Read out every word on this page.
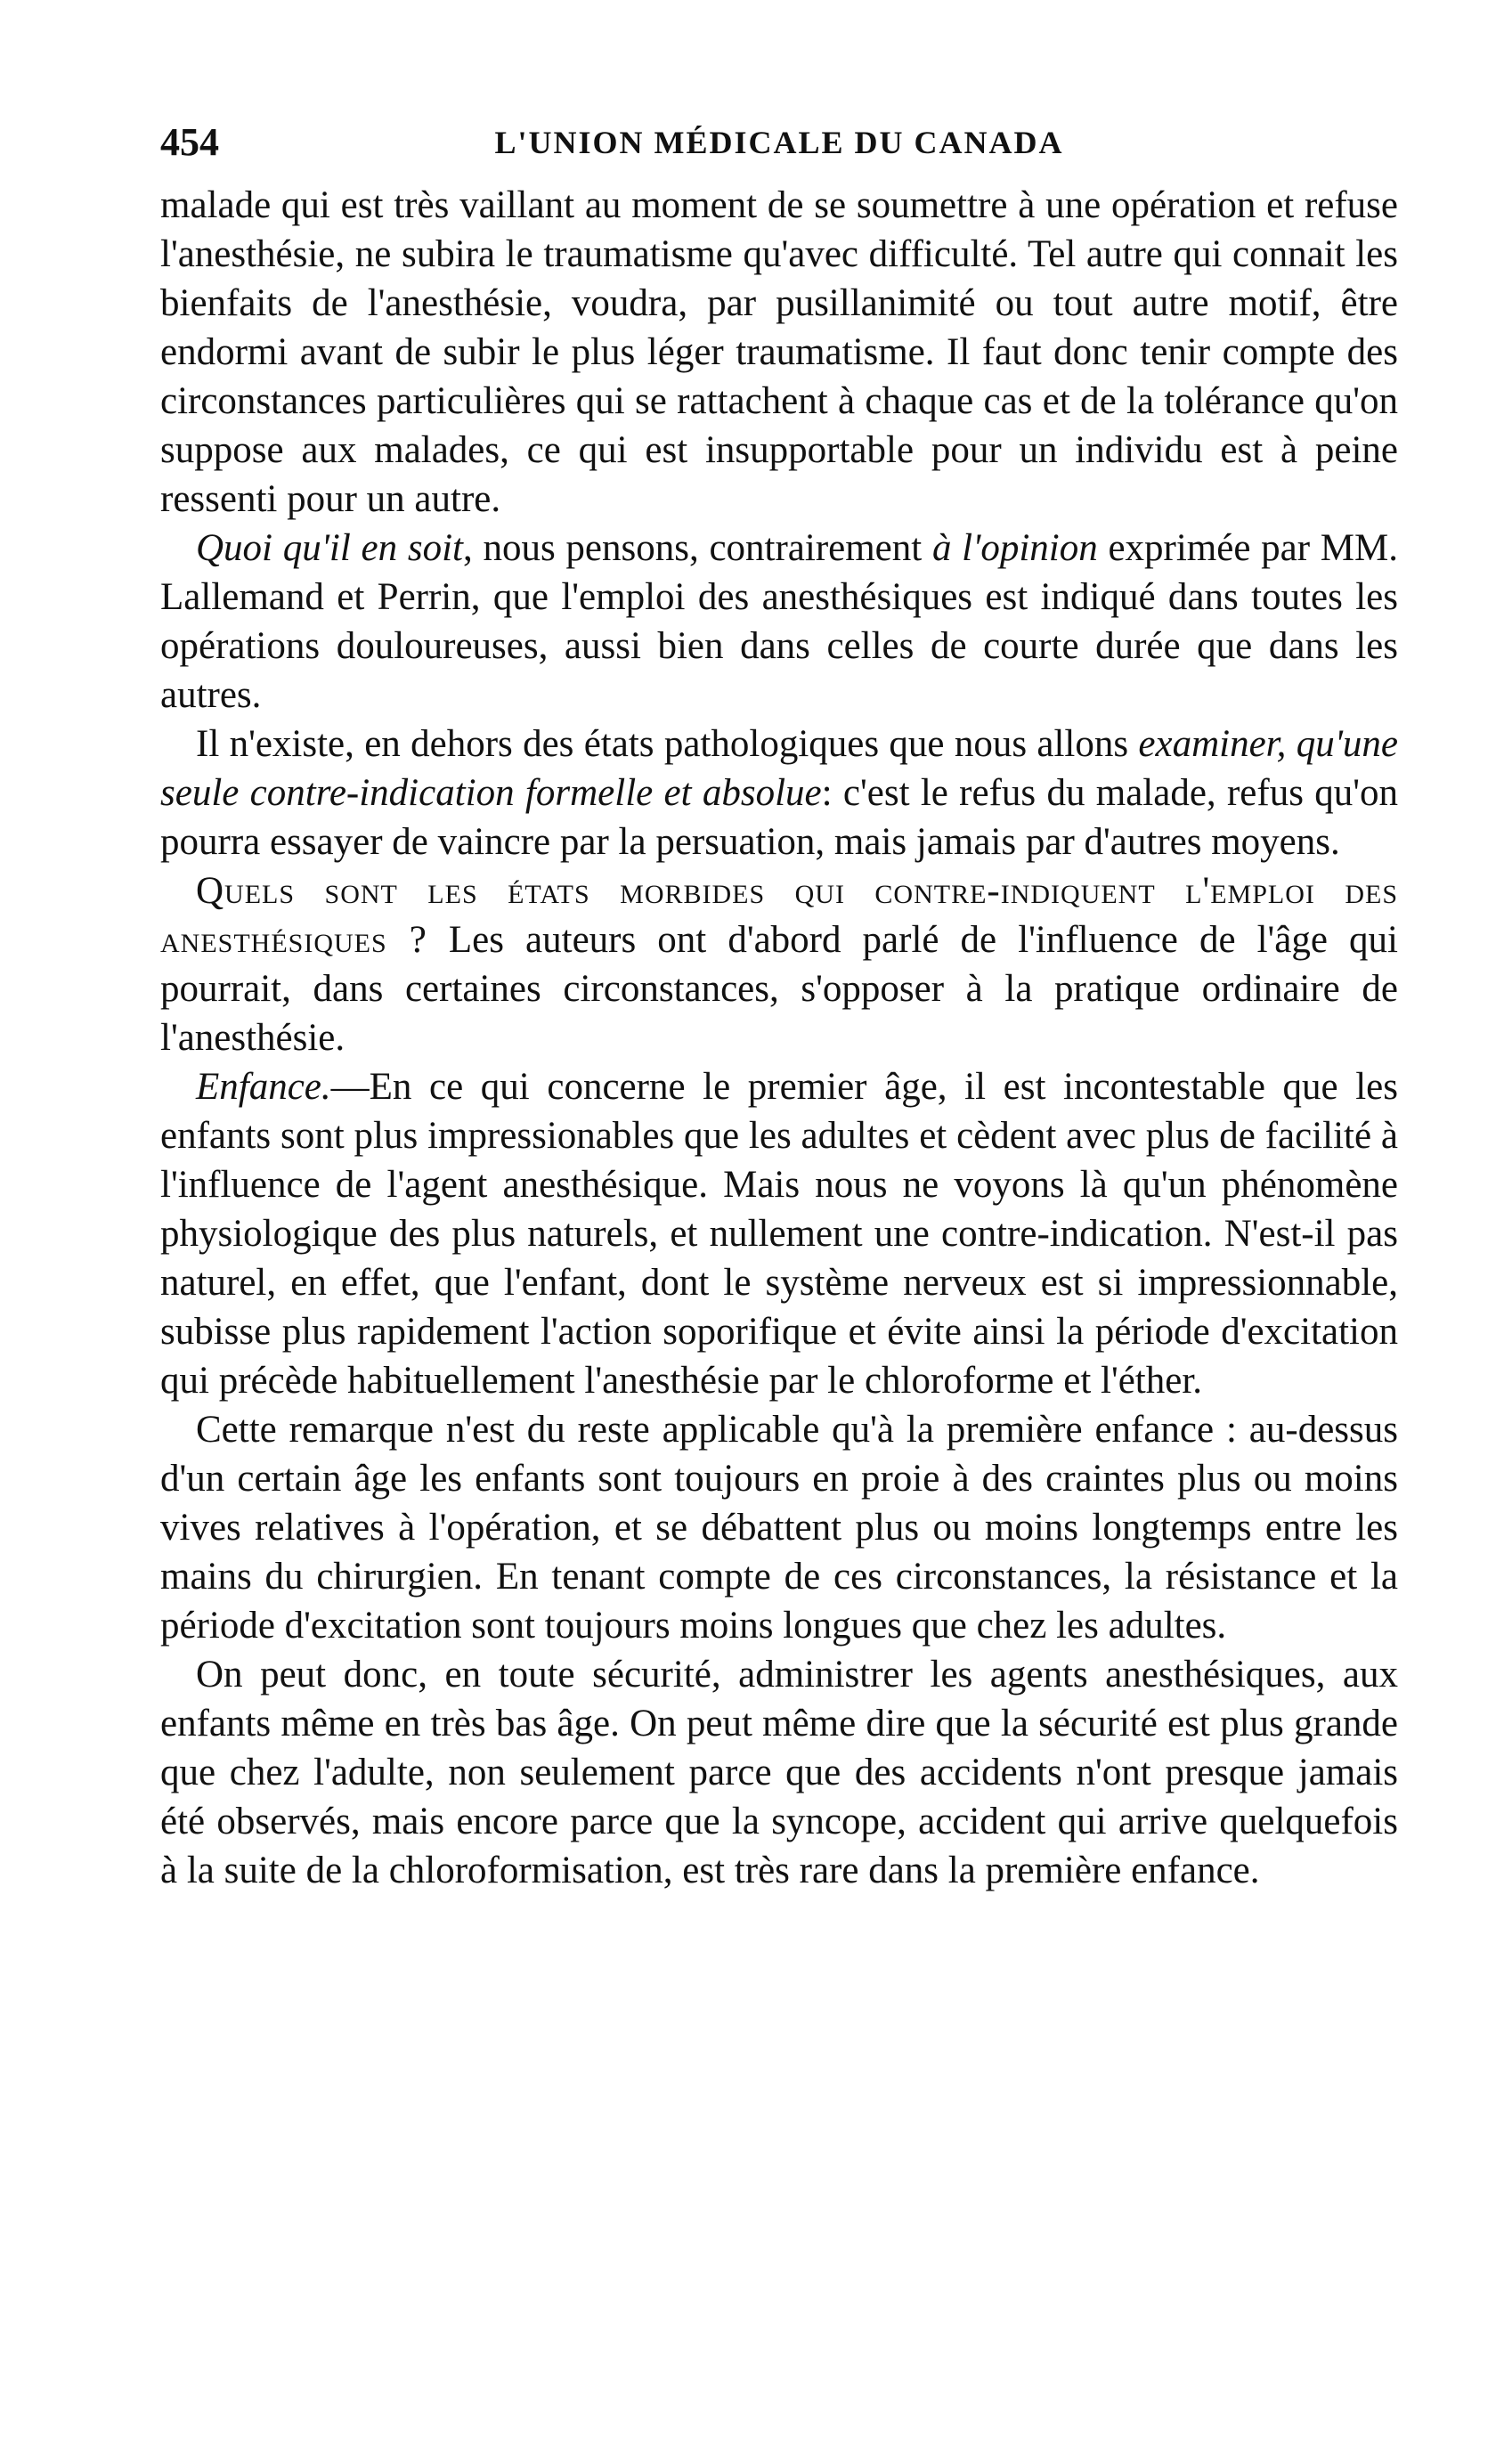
454	L'UNION MÉDICALE DU CANADA

malade qui est très vaillant au moment de se soumettre à une opération et refuse l'anesthésie, ne subira le traumatisme qu'avec difficulté. Tel autre qui connait les bienfaits de l'anesthésie, voudra, par pusillanimité ou tout autre motif, être endormi avant de subir le plus léger traumatisme. Il faut donc tenir compte des circonstances particulières qui se rattachent à chaque cas et de la tolérance qu'on suppose aux malades, ce qui est insupportable pour un individu est à peine ressenti pour un autre.

Quoi qu'il en soit, nous pensons, contrairement à l'opinion exprimée par MM. Lallemand et Perrin, que l'emploi des anesthésiques est indiqué dans toutes les opérations douloureuses, aussi bien dans celles de courte durée que dans les autres.

Il n'existe, en dehors des états pathologiques que nous allons examiner, qu'une seule contre-indication formelle et absolue: c'est le refus du malade, refus qu'on pourra essayer de vaincre par la persuation, mais jamais par d'autres moyens.

Quels sont les états morbides qui contre-indiquent l'emploi des anesthésiques ? Les auteurs ont d'abord parlé de l'influence de l'âge qui pourrait, dans certaines circonstances, s'opposer à la pratique ordinaire de l'anesthésie.

Enfance.—En ce qui concerne le premier âge, il est incontestable que les enfants sont plus impressionables que les adultes et cèdent avec plus de facilité à l'influence de l'agent anesthésique. Mais nous ne voyons là qu'un phénomène physiologique des plus naturels, et nullement une contre-indication. N'est-il pas naturel, en effet, que l'enfant, dont le système nerveux est si impressionnable, subisse plus rapidement l'action soporifique et évite ainsi la période d'excitation qui précède habituellement l'anesthésie par le chloroforme et l'éther.

Cette remarque n'est du reste applicable qu'à la première enfance : au-dessus d'un certain âge les enfants sont toujours en proie à des craintes plus ou moins vives relatives à l'opération, et se débattent plus ou moins longtemps entre les mains du chirurgien. En tenant compte de ces circonstances, la résistance et la période d'excitation sont toujours moins longues que chez les adultes.

On peut donc, en toute sécurité, administrer les agents anesthésiques, aux enfants même en très bas âge. On peut même dire que la sécurité est plus grande que chez l'adulte, non seulement parce que des accidents n'ont presque jamais été observés, mais encore parce que la syncope, accident qui arrive quelquefois à la suite de la chloroformisation, est très rare dans la première enfance.
